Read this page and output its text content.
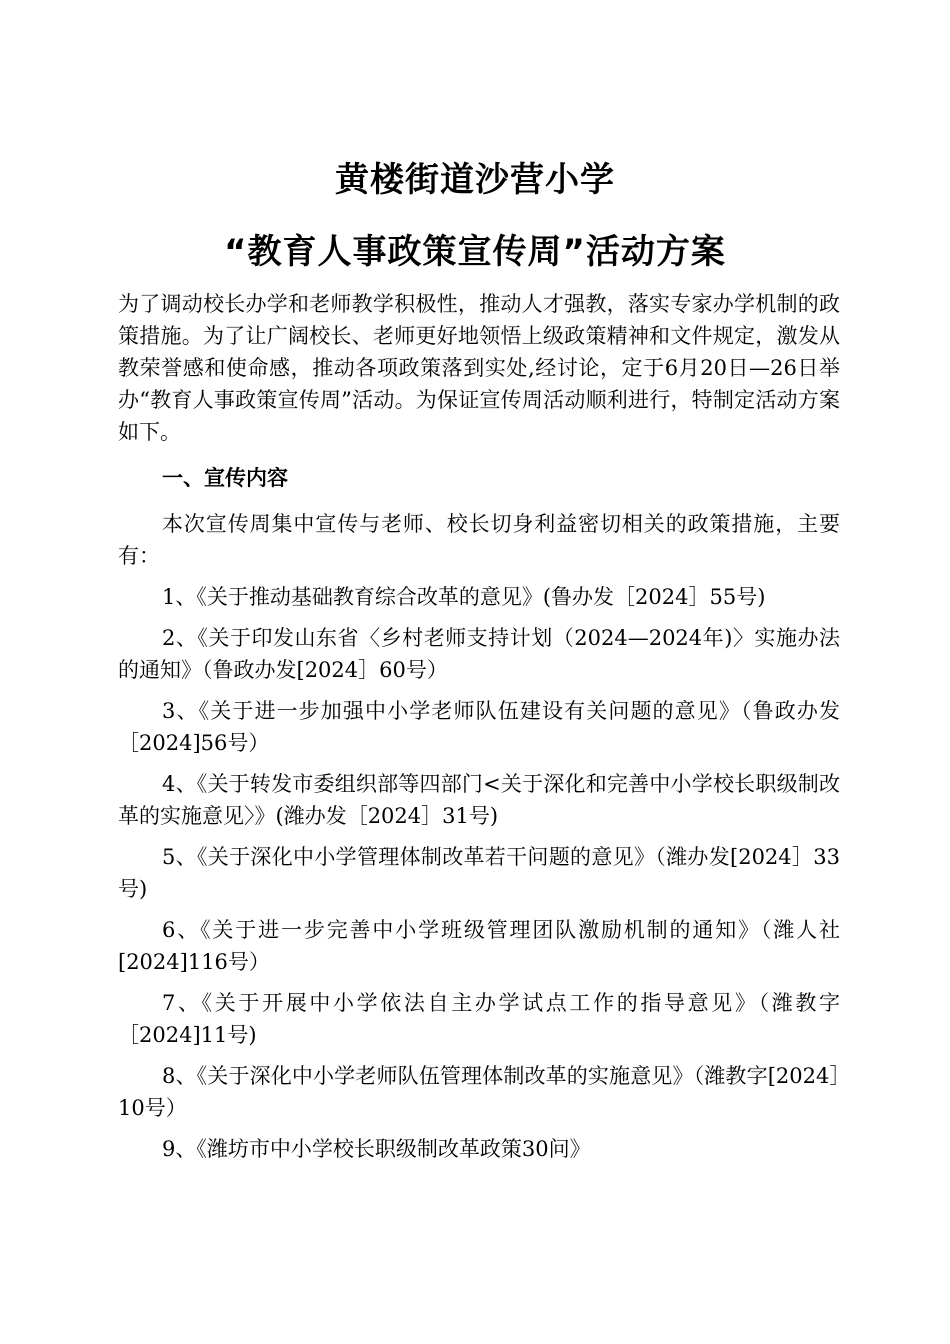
黄楼街道沙营小学
“教育人事政策宣传周”活动方案

为了调动校长办学和老师教学积极性，推动人才强教，落实专家办学机制的政策措施。为了让广阔校长、老师更好地领悟上级政策精神和文件规定，激发从教荣誉感和使命感，推动各项政策落到实处,经讨论，定于6月20日—26日举办“教育人事政策宣传周”活动。为保证宣传周活动顺利进行，特制定活动方案如下。

一、宣传内容

本次宣传周集中宣传与老师、校长切身利益密切相关的政策措施，主要有：

1、《关于推动基础教育综合改革的意见》(鲁办发［2024］55号)

2、《关于印发山东省〈乡村老师支持计划（2024—2024年)〉实施办法的通知》（鲁政办发[2024］60号）

3、《关于进一步加强中小学老师队伍建设有关问题的意见》（鲁政办发［2024]56号）

4、《关于转发市委组织部等四部门<关于深化和完善中小学校长职级制改革的实施意见〉》(潍办发［2024］31号)

5、《关于深化中小学管理体制改革若干问题的意见》（潍办发[2024］33号)

6、《关于进一步完善中小学班级管理团队激励机制的通知》（潍人社[2024]116号）

7、《关于开展中小学依法自主办学试点工作的指导意见》（潍教字［2024]11号)

8、《关于深化中小学老师队伍管理体制改革的实施意见》（潍教字[2024］10号）

9、《潍坊市中小学校长职级制改革政策30问》
